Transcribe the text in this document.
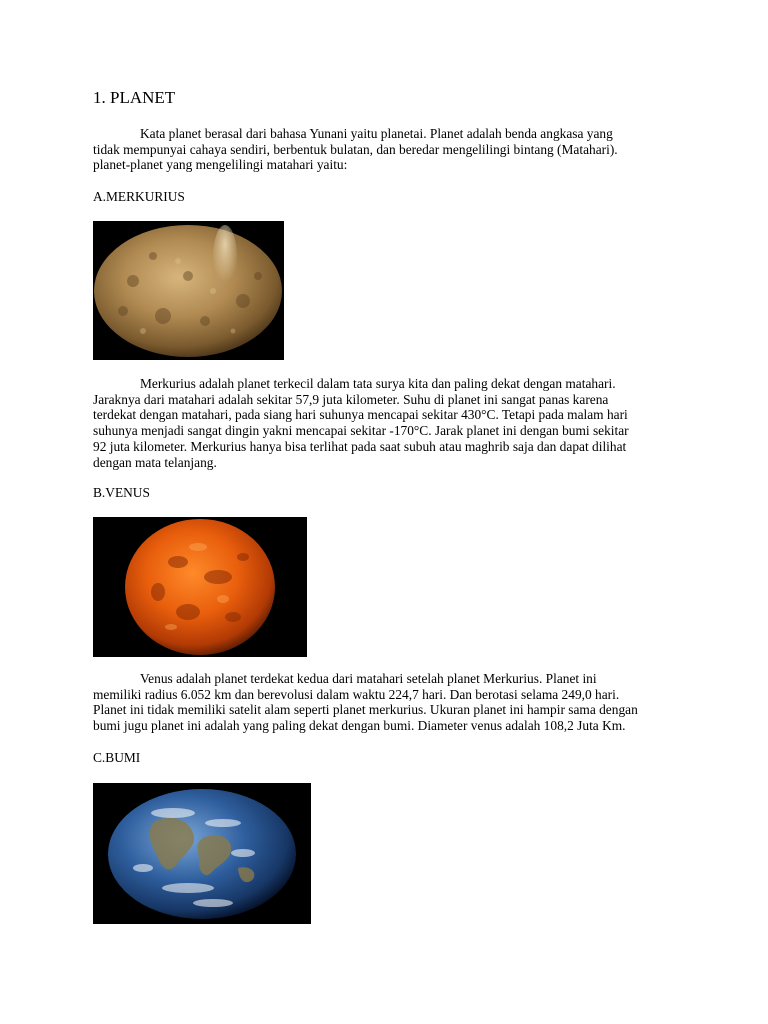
1. PLANET

Kata planet berasal dari bahasa Yunani yaitu planetai. Planet adalah benda angkasa yang
tidak mempunyai cahaya sendiri, berbentuk bulatan, dan beredar mengelilingi bintang (Matahari).
planet-planet yang mengelilingi matahari yaitu:

A.MERKURIUS

Merkurius adalah planet terkecil dalam tata surya kita dan paling dekat dengan matahari.
Jaraknya dari matahari adalah sekitar 57,9 juta kilometer. Suhu di planet ini sangat panas karena
terdekat dengan matahari, pada siang hari suhunya mencapai sekitar 430°C. Tetapi pada malam hari
suhunya menjadi sangat dingin yakni mencapai sekitar -170°C. Jarak planet ini dengan bumi sekitar
92 juta kilometer. Merkurius hanya bisa terlihat pada saat subuh atau maghrib saja dan dapat dilihat
dengan mata telanjang.

B.VENUS

Venus adalah planet terdekat kedua dari matahari setelah planet Merkurius. Planet ini
memiliki radius 6.052 km dan berevolusi dalam waktu 224,7 hari. Dan berotasi selama 249,0 hari.
Planet ini tidak memiliki satelit alam seperti planet merkurius. Ukuran planet ini hampir sama dengan
bumi jugu planet ini adalah yang paling dekat dengan bumi. Diameter venus adalah 108,2 Juta Km.

C.BUMI
